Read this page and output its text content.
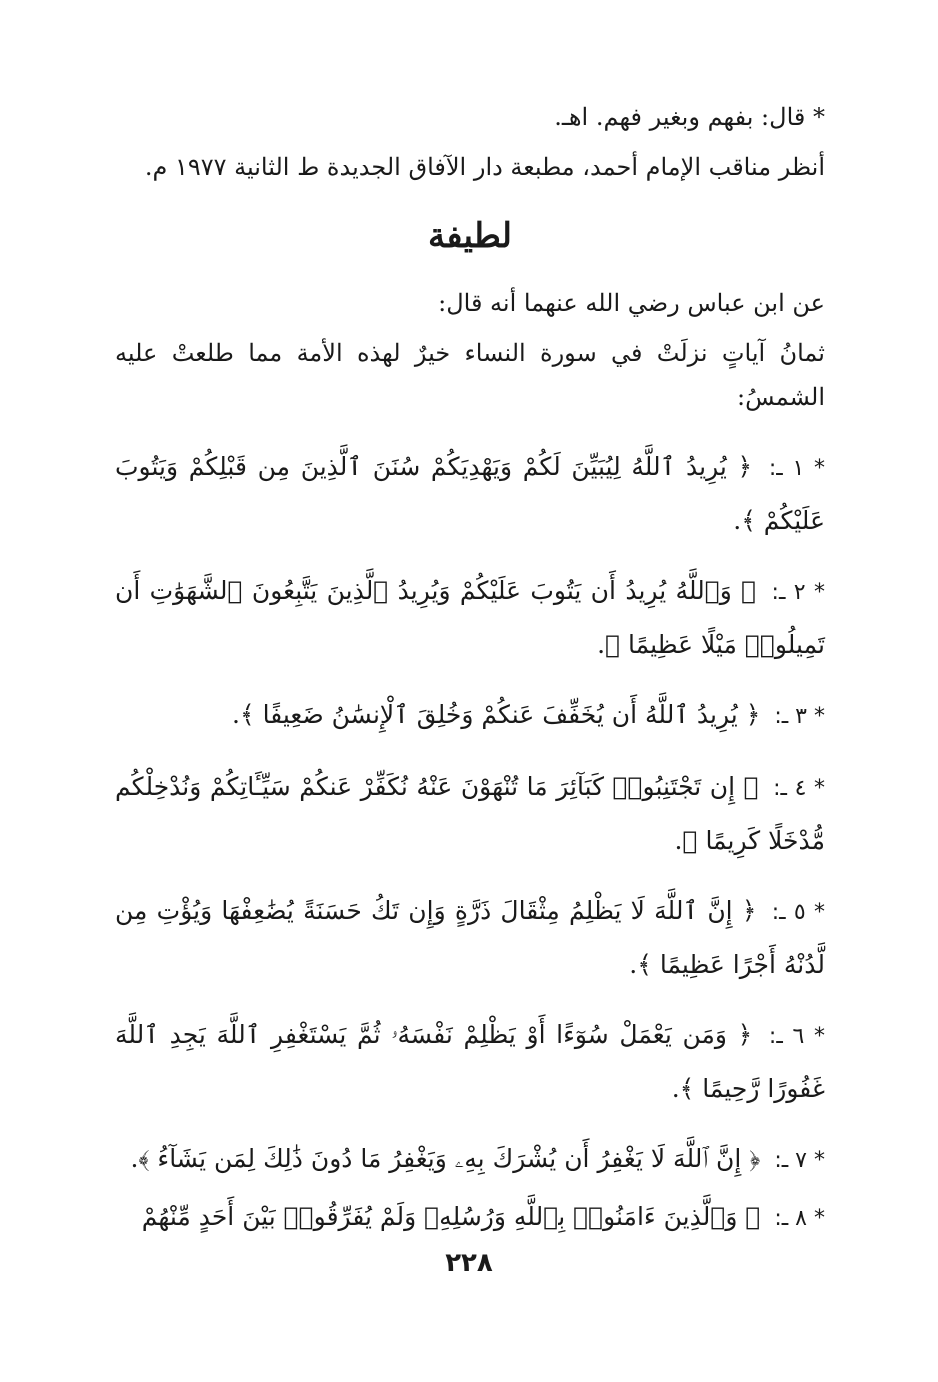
* قال: بفهم وبغير فهم. اهـ.

أنظر مناقب الإمام أحمد، مطبعة دار الآفاق الجديدة ط الثانية ١٩٧٧ م.

لطيفة

عن ابن عباس رضي الله عنهما أنه قال:

ثمانُ آياتٍ نزلَتْ في سورة النساء خيرٌ لهذه الأمة مما طلعتْ عليه الشمسُ:

* ١ ـ: ﴿ يُرِيدُ ٱللَّهُ لِيُبَيِّنَ لَكُمْ وَيَهْدِيَكُمْ سُنَنَ ٱلَّذِينَ مِن قَبْلِكُمْ وَيَتُوبَ عَلَيْكُمْ ﴾.

* ٢ ـ: ﴿ وَٱللَّهُ يُرِيدُ أَن يَتُوبَ عَلَيْكُمْ وَيُرِيدُ ٱلَّذِينَ يَتَّبِعُونَ ٱلشَّهَوَٰتِ أَن تَمِيلُوا۟ مَيْلًا عَظِيمًا ﴾.

* ٣ ـ: ﴿ يُرِيدُ ٱللَّهُ أَن يُخَفِّفَ عَنكُمْ وَخُلِقَ ٱلْإِنسَٰنُ ضَعِيفًا ﴾.

* ٤ ـ: ﴿ إِن تَجْتَنِبُوا۟ كَبَآئِرَ مَا تُنْهَوْنَ عَنْهُ نُكَفِّرْ عَنكُمْ سَيِّـَٔاتِكُمْ وَنُدْخِلْكُم مُّدْخَلًا كَرِيمًا ﴾.

* ٥ ـ: ﴿ إِنَّ ٱللَّهَ لَا يَظْلِمُ مِثْقَالَ ذَرَّةٍ وَإِن تَكُ حَسَنَةً يُضَٰعِفْهَا وَيُؤْتِ مِن لَّدُنْهُ أَجْرًا عَظِيمًا ﴾.

* ٦ ـ: ﴿ وَمَن يَعْمَلْ سُوٓءًا أَوْ يَظْلِمْ نَفْسَهُۥ ثُمَّ يَسْتَغْفِرِ ٱللَّهَ يَجِدِ ٱللَّهَ غَفُورًا رَّحِيمًا ﴾.

* ٧ ـ: ﴿ إِنَّ ٱللَّهَ لَا يَغْفِرُ أَن يُشْرَكَ بِهِۦ وَيَغْفِرُ مَا دُونَ ذَٰلِكَ لِمَن يَشَآءُ ﴾.

* ٨ ـ: ﴿ وَٱلَّذِينَ ءَامَنُوا۟ بِٱللَّهِ وَرُسُلِهِۦ وَلَمْ يُفَرِّقُوا۟ بَيْنَ أَحَدٍ مِّنْهُمْ

٢٢٨
